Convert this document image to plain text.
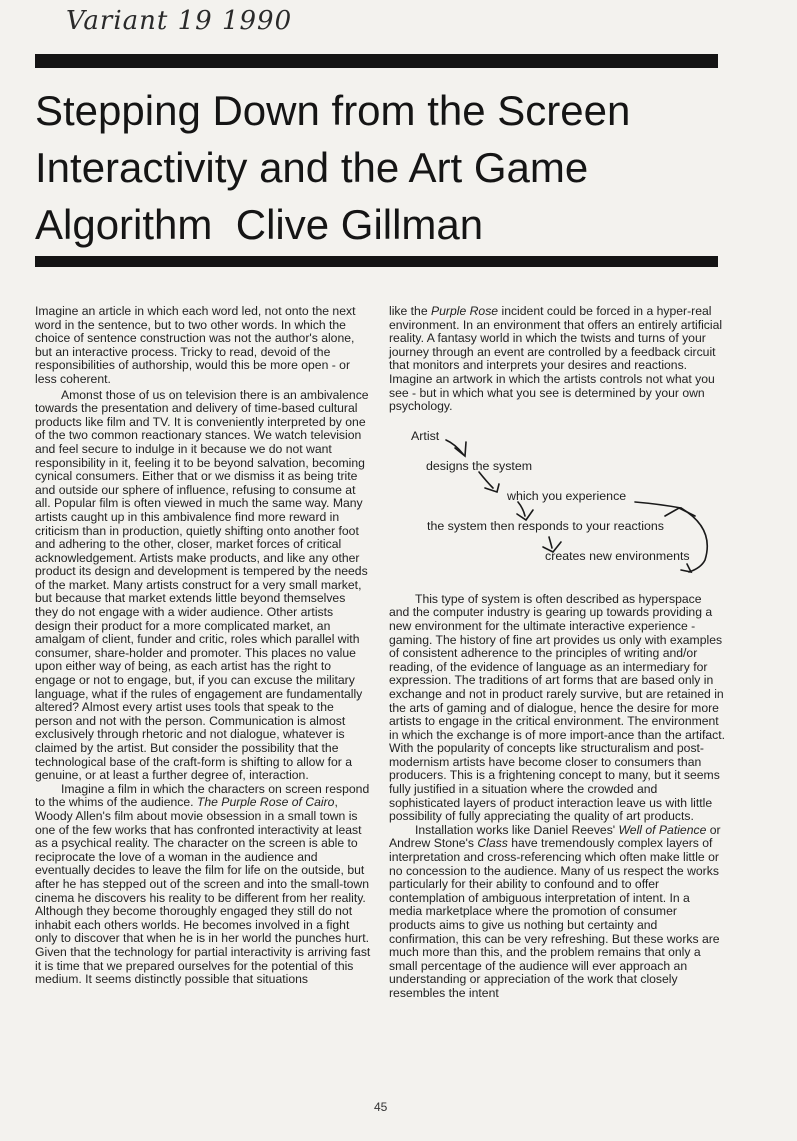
Variant 19 1990
Stepping Down from the Screen
Interactivity and the Art Game
Algorithm Clive Gillman

Imagine an article in which each word led, not onto the next word in the sentence, but to two other words. In which the choice of sentence construction was not the author's alone, but an interactive process. Tricky to read, devoid of the responsibilities of authorship, would this be more open - or less coherent.

Amonst those of us on television there is an ambivalence towards the presentation and delivery of time-based cultural products like film and TV. It is conveniently interpreted by one of the two common reactionary stances. We watch television and feel secure to indulge in it because we do not want responsibility in it, feeling it to be beyond salvation, becoming cynical consumers. Either that or we dismiss it as being trite and outside our sphere of influence, refusing to consume at all. Popular film is often viewed in much the same way. Many artists caught up in this ambivalence find more reward in criticism than in production, quietly shifting onto another foot and adhering to the other, closer, market forces of critical acknowledgement. Artists make products, and like any other product its design and development is tempered by the needs of the market. Many artists construct for a very small market, but because that market extends little beyond themselves they do not engage with a wider audience. Other artists design their product for a more complicated market, an amalgam of client, funder and critic, roles which parallel with consumer, share-holder and promoter. This places no value upon either way of being, as each artist has the right to engage or not to engage, but, if you can excuse the military language, what if the rules of engagement are fundamentally altered? Almost every artist uses tools that speak to the person and not with the person. Communication is almost exclusively through rhetoric and not dialogue, whatever is claimed by the artist. But consider the possibility that the technological base of the craft-form is shifting to allow for a genuine, or at least a further degree of, interaction.

Imagine a film in which the characters on screen respond to the whims of the audience. The Purple Rose of Cairo, Woody Allen's film about movie obsession in a small town is one of the few works that has confronted interactivity at least as a psychical reality. The character on the screen is able to reciprocate the love of a woman in the audience and eventually decides to leave the film for life on the outside, but after he has stepped out of the screen and into the small-town cinema he discovers his reality to be different from her reality. Although they become thoroughly engaged they still do not inhabit each others worlds. He becomes involved in a fight only to discover that when he is in her world the punches hurt. Given that the technology for partial interactivity is arriving fast it is time that we prepared ourselves for the potential of this medium. It seems distinctly possible that situations

like the Purple Rose incident could be forced in a hyper-real environment. In an environment that offers an entirely artificial reality. A fantasy world in which the twists and turns of your journey through an event are controlled by a feedback circuit that monitors and interprets your desires and reactions. Imagine an artwork in which the artists controls not what you see - but in which what you see is determined by your own psychology.

Artist
designs the system
which you experience
the system then responds to your reactions
creates new environments

This type of system is often described as hyperspace and the computer industry is gearing up towards providing a new environment for the ultimate interactive experience - gaming. The history of fine art provides us only with examples of consistent adherence to the principles of writing and/or reading, of the evidence of language as an intermediary for expression. The traditions of art forms that are based only in exchange and not in product rarely survive, but are retained in the arts of gaming and of dialogue, hence the desire for more artists to engage in the critical environment. The environment in which the exchange is of more import-ance than the artifact. With the popularity of concepts like structuralism and post-modernism artists have become closer to consumers than producers. This is a frightening concept to many, but it seems fully justified in a situation where the crowded and sophisticated layers of product interaction leave us with little possibility of fully appreciating the quality of art products.

Installation works like Daniel Reeves' Well of Patience or Andrew Stone's Class have tremendously complex layers of interpretation and cross-referencing which often make little or no concession to the audience. Many of us respect the works particularly for their ability to confound and to offer contemplation of ambiguous interpretation of intent. In a media marketplace where the promotion of consumer products aims to give us nothing but certainty and confirmation, this can be very refreshing. But these works are much more than this, and the problem remains that only a small percentage of the audience will ever approach an understanding or appreciation of the work that closely resembles the intent

45
